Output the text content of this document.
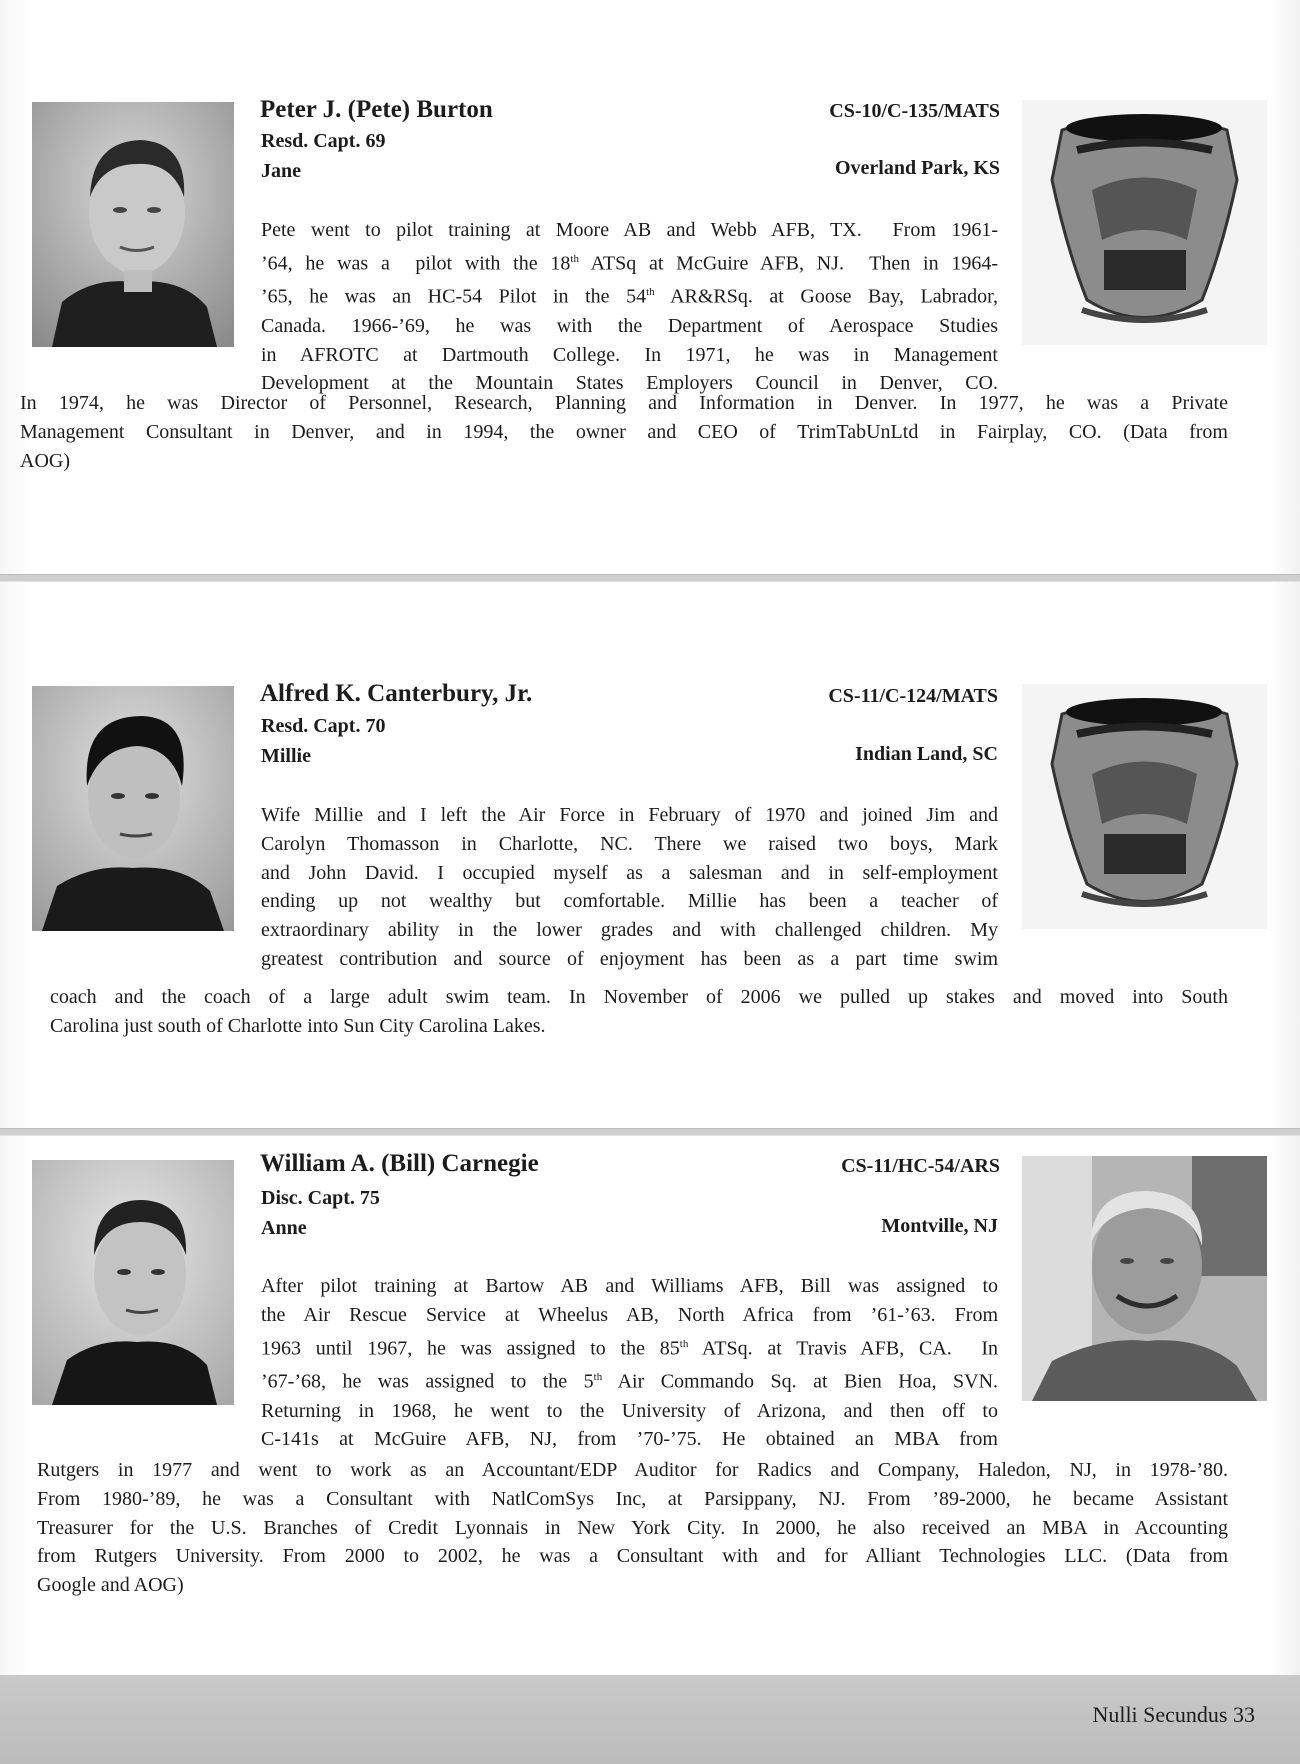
Peter J. (Pete) Burton
Resd. Capt. 69
Jane
CS-10/C-135/MATS
Overland Park, KS
Pete went to pilot training at Moore AB and Webb AFB, TX.  From 1961-
’64, he was a  pilot with the 18th ATSq at McGuire AFB, NJ.  Then in 1964-
’65, he was an HC-54 Pilot in the 54th AR&RSq. at Goose Bay, Labrador,
Canada. 1966-’69, he was with the Department of Aerospace Studies
in AFROTC at Dartmouth College. In 1971, he was in Management
Development at the Mountain States Employers Council in Denver, CO.
In 1974, he was Director of Personnel, Research, Planning and Information in Denver. In 1977, he was a Private
Management Consultant in Denver, and in 1994, the owner and CEO of TrimTabUnLtd in Fairplay, CO. (Data from
AOG)
Alfred K. Canterbury, Jr.
Resd. Capt. 70
Millie
CS-11/C-124/MATS
Indian Land, SC
Wife Millie and I left the Air Force in February of 1970 and joined Jim and
Carolyn Thomasson in Charlotte, NC. There we raised two boys, Mark
and John David. I occupied myself as a salesman and in self-employment
ending up not wealthy but comfortable. Millie has been a teacher of
extraordinary ability in the lower grades and with challenged children. My
greatest contribution and source of enjoyment has been as a part time swim
coach and the coach of a large adult swim team. In November of 2006 we pulled up stakes and moved into South
Carolina just south of Charlotte into Sun City Carolina Lakes.
William A. (Bill) Carnegie
Disc. Capt. 75
Anne
CS-11/HC-54/ARS
Montville, NJ
After pilot training at Bartow AB and Williams AFB, Bill was assigned to
the Air Rescue Service at Wheelus AB, North Africa from ’61-’63. From
1963 until 1967, he was assigned to the 85th ATSq. at Travis AFB, CA.  In
’67-’68, he was assigned to the 5th Air Commando Sq. at Bien Hoa, SVN.
Returning in 1968, he went to the University of Arizona, and then off to
C-141s at McGuire AFB, NJ, from ’70-’75. He obtained an MBA from
Rutgers in 1977 and went to work as an Accountant/EDP Auditor for Radics and Company, Haledon, NJ, in 1978-’80.
From 1980-’89, he was a Consultant with NatlComSys Inc, at Parsippany, NJ. From ’89-2000, he became Assistant
Treasurer for the U.S. Branches of Credit Lyonnais in New York City. In 2000, he also received an MBA in Accounting
from Rutgers University. From 2000 to 2002, he was a Consultant with and for Alliant Technologies LLC. (Data from
Google and AOG)
Nulli Secundus 33
